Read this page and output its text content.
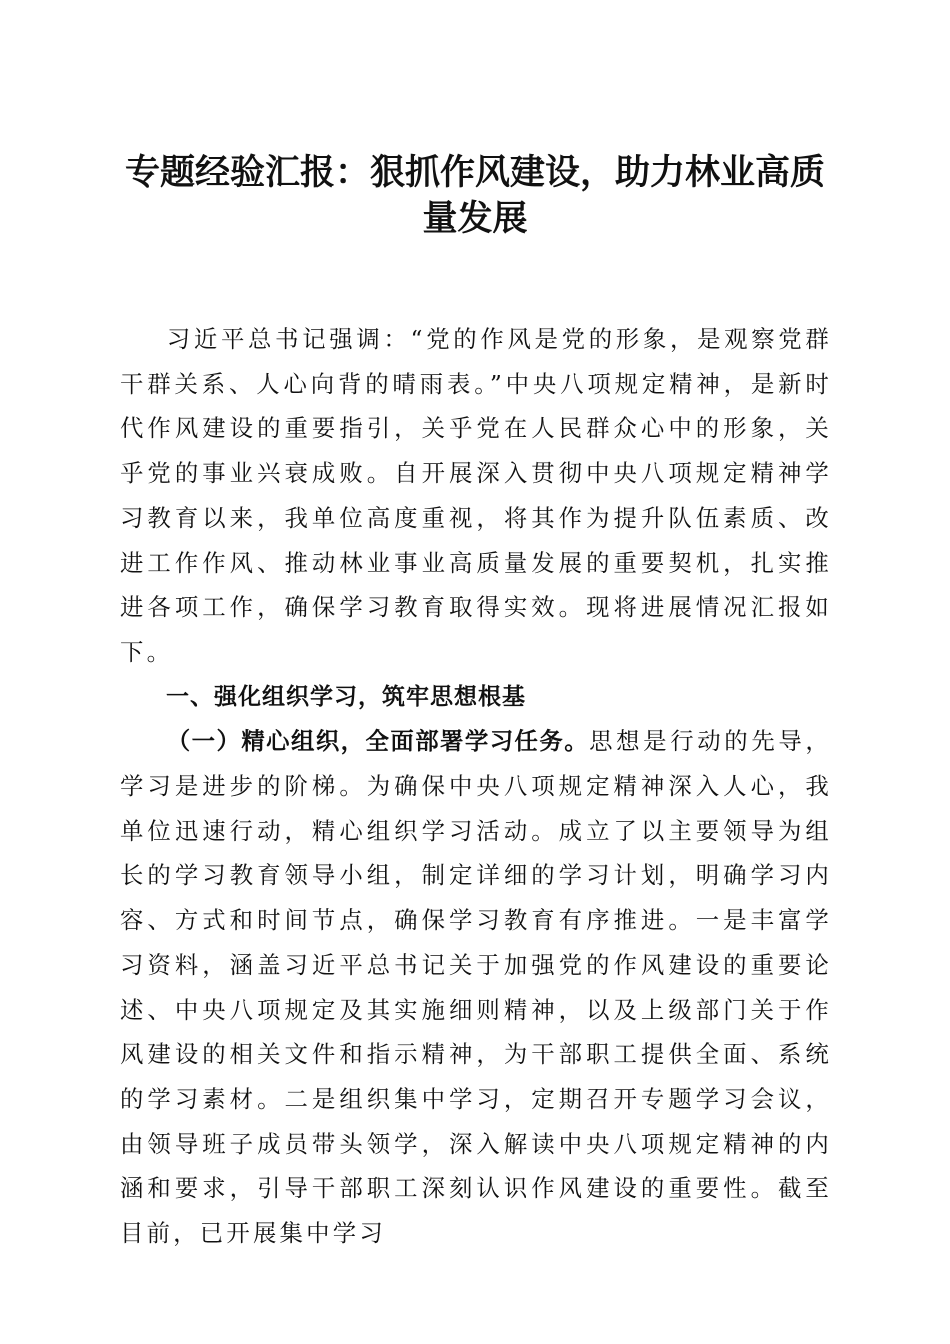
专题经验汇报：狠抓作风建设，助力林业高质
量发展

习近平总书记强调：“党的作风是党的形象，是观察党群干群关系、人心向背的晴雨表。”中央八项规定精神，是新时代作风建设的重要指引，关乎党在人民群众心中的形象，关乎党的事业兴衰成败。自开展深入贯彻中央八项规定精神学习教育以来，我单位高度重视，将其作为提升队伍素质、改进工作作风、推动林业事业高质量发展的重要契机，扎实推进各项工作，确保学习教育取得实效。现将进展情况汇报如下。

一、强化组织学习，筑牢思想根基

（一）精心组织，全面部署学习任务。思想是行动的先导，学习是进步的阶梯。为确保中央八项规定精神深入人心，我单位迅速行动，精心组织学习活动。成立了以主要领导为组长的学习教育领导小组，制定详细的学习计划，明确学习内容、方式和时间节点，确保学习教育有序推进。一是丰富学习资料，涵盖习近平总书记关于加强党的作风建设的重要论述、中央八项规定及其实施细则精神，以及上级部门关于作风建设的相关文件和指示精神，为干部职工提供全面、系统的学习素材。二是组织集中学习，定期召开专题学习会议，由领导班子成员带头领学，深入解读中央八项规定精神的内涵和要求，引导干部职工深刻认识作风建设的重要性。截至目前，已开展集中学习
